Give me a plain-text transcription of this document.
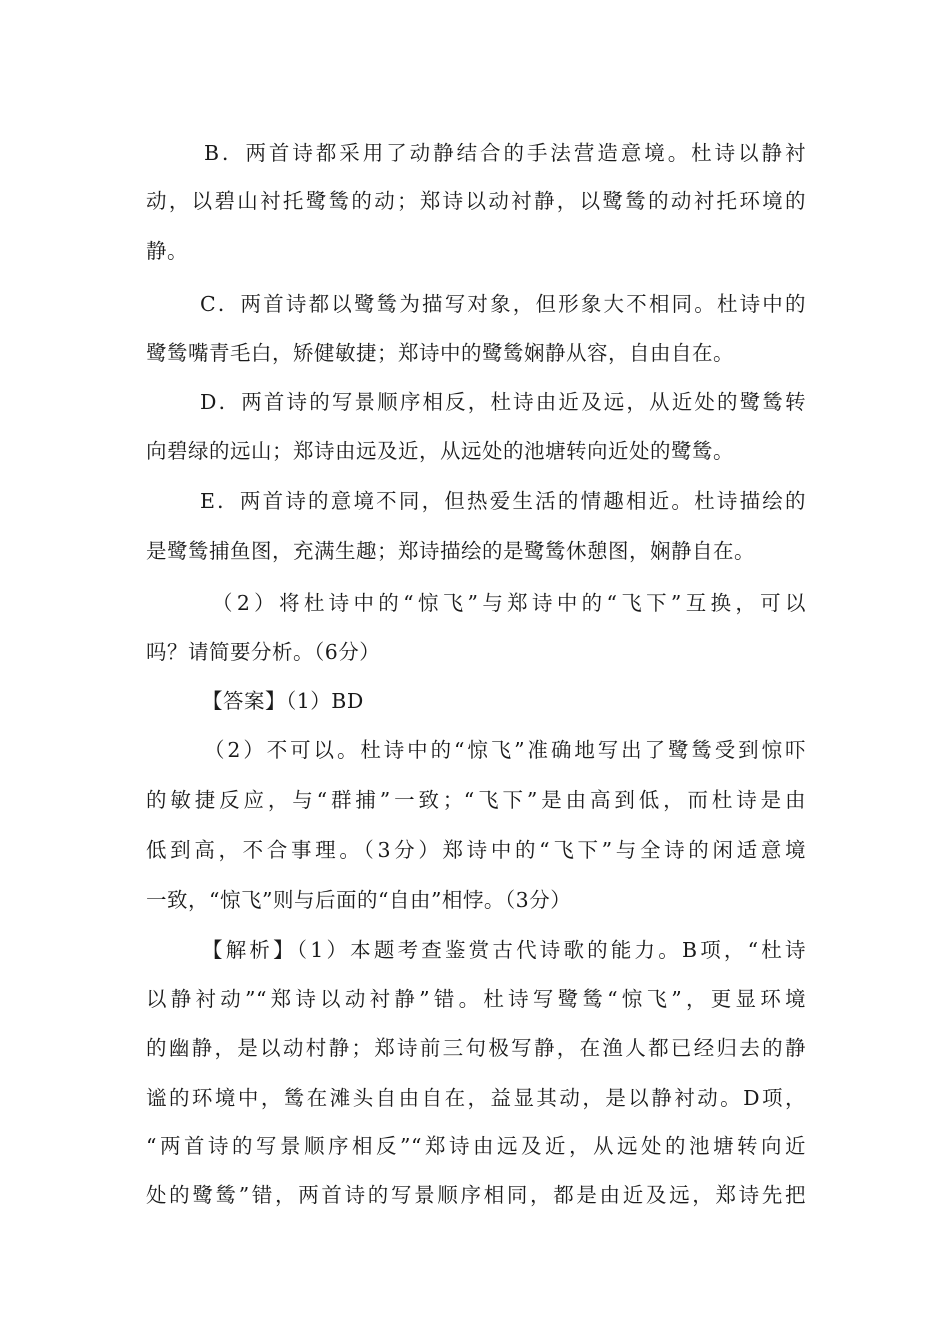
B．两首诗都采用了动静结合的手法营造意境。杜诗以静衬
动，以碧山衬托鹭鸶的动；郑诗以动衬静，以鹭鸶的动衬托环境的
静。
C．两首诗都以鹭鸶为描写对象，但形象大不相同。杜诗中的
鹭鸶嘴青毛白，矫健敏捷；郑诗中的鹭鸶娴静从容，自由自在。
D．两首诗的写景顺序相反，杜诗由近及远，从近处的鹭鸶转
向碧绿的远山；郑诗由远及近，从远处的池塘转向近处的鹭鸶。
E．两首诗的意境不同，但热爱生活的情趣相近。杜诗描绘的
是鹭鸶捕鱼图，充满生趣；郑诗描绘的是鹭鸶休憩图，娴静自在。
（2）将杜诗中的“惊飞”与郑诗中的“飞下”互换，可以
吗？请简要分析。（6分）
【答案】（1）BD
（2）不可以。杜诗中的“惊飞”准确地写出了鹭鸶受到惊吓
的敏捷反应，与“群捕”一致；“飞下”是由高到低，而杜诗是由
低到高，不合事理。（3分）郑诗中的“飞下”与全诗的闲适意境
一致，“惊飞”则与后面的“自由”相悖。（3分）
【解析】（1）本题考查鉴赏古代诗歌的能力。B项，“杜诗
以静衬动”“郑诗以动衬静”错。杜诗写鹭鸶“惊飞”，更显环境
的幽静，是以动村静；郑诗前三句极写静，在渔人都已经归去的静
谧的环境中，鸶在滩头自由自在，益显其动，是以静衬动。D项，
“两首诗的写景顺序相反”“郑诗由远及近，从远处的池塘转向近
处的鹭鸶”错，两首诗的写景顺序相同，都是由近及远，郑诗先把
